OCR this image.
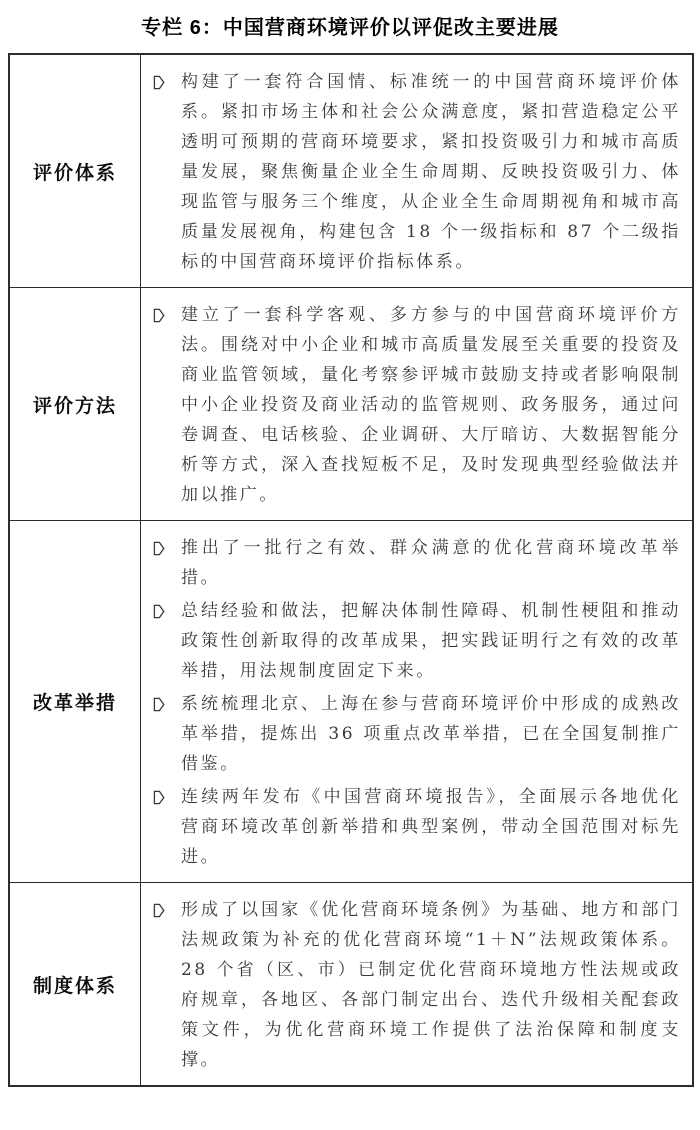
专栏 6：中国营商环境评价以评促改主要进展
评价体系
构建了一套符合国情、标准统一的中国营商环境评价体系。紧扣市场主体和社会公众满意度，紧扣营造稳定公平透明可预期的营商环境要求，紧扣投资吸引力和城市高质量发展，聚焦衡量企业全生命周期、反映投资吸引力、体现监管与服务三个维度，从企业全生命周期视角和城市高质量发展视角，构建包含 18 个一级指标和 87 个二级指标的中国营商环境评价指标体系。
评价方法
建立了一套科学客观、多方参与的中国营商环境评价方法。围绕对中小企业和城市高质量发展至关重要的投资及商业监管领域，量化考察参评城市鼓励支持或者影响限制中小企业投资及商业活动的监管规则、政务服务，通过问卷调查、电话核验、企业调研、大厅暗访、大数据智能分析等方式，深入查找短板不足，及时发现典型经验做法并加以推广。
改革举措
推出了一批行之有效、群众满意的优化营商环境改革举措。
总结经验和做法，把解决体制性障碍、机制性梗阻和推动政策性创新取得的改革成果，把实践证明行之有效的改革举措，用法规制度固定下来。
系统梳理北京、上海在参与营商环境评价中形成的成熟改革举措，提炼出 36 项重点改革举措，已在全国复制推广借鉴。
连续两年发布《中国营商环境报告》，全面展示各地优化营商环境改革创新举措和典型案例，带动全国范围对标先进。
制度体系
形成了以国家《优化营商环境条例》为基础、地方和部门法规政策为补充的优化营商环境“1＋N”法规政策体系。28 个省（区、市）已制定优化营商环境地方性法规或政府规章，各地区、各部门制定出台、迭代升级相关配套政策文件，为优化营商环境工作提供了法治保障和制度支撑。
